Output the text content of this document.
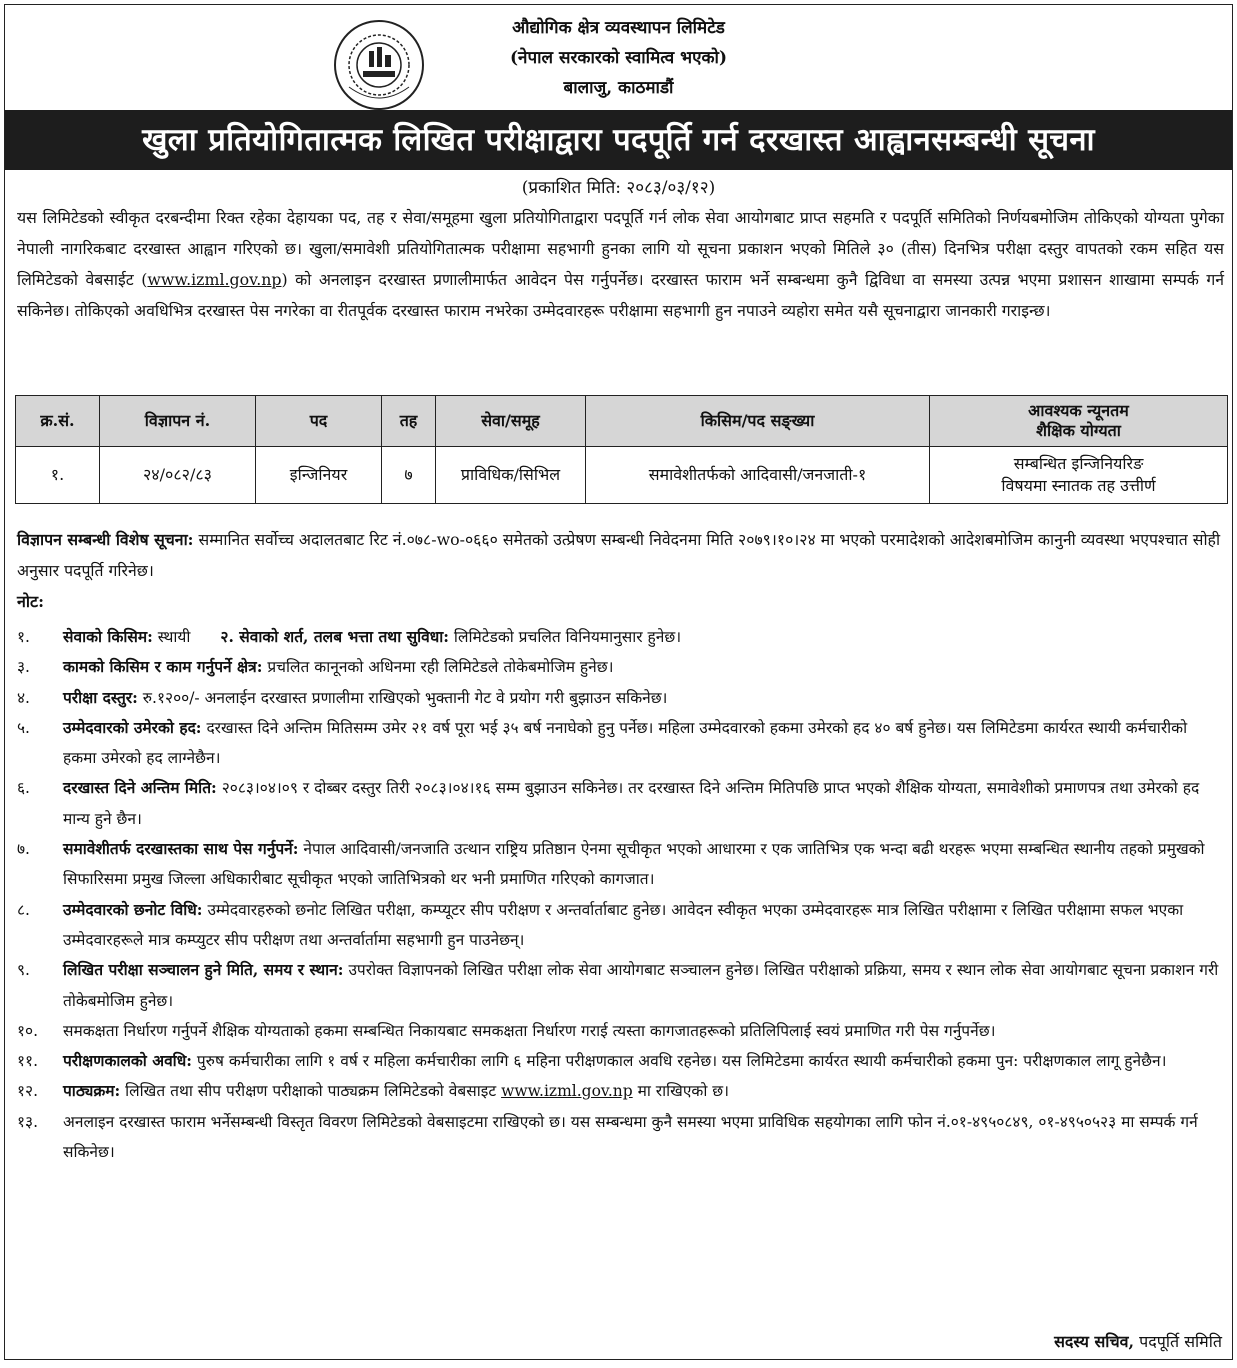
औद्योगिक क्षेत्र व्यवस्थापन लिमिटेड
(नेपाल सरकारको स्वामित्व भएको)
बालाजु, काठमाडौं
खुला प्रतियोगितात्मक लिखित परीक्षाद्वारा पदपूर्ति गर्न दरखास्त आह्वानसम्बन्धी सूचना
(प्रकाशित मिति: २०८३/०३/१२)
यस लिमिटेडको स्वीकृत दरबन्दीमा रिक्त रहेका देहायका पद, तह र सेवा/समूहमा खुला प्रतियोगिताद्वारा पदपूर्ति गर्न लोक सेवा आयोगबाट प्राप्त सहमति र पदपूर्ति समितिको निर्णयबमोजिम तोकिएको योग्यता पुगेका नेपाली नागरिकबाट दरखास्त आह्वान गरिएको छ। खुला/समावेशी प्रतियोगितात्मक परीक्षामा सहभागी हुनका लागि यो सूचना प्रकाशन भएको मितिले ३० (तीस) दिनभित्र परीक्षा दस्तुर वापतको रकम सहित यस लिमिटेडको वेबसाईट (www.izml.gov.np) को अनलाइन दरखास्त प्रणालीमार्फत आवेदन पेस गर्नुपर्नेछ। दरखास्त फाराम भर्ने सम्बन्धमा कुनै द्विविधा वा समस्या उत्पन्न भएमा प्रशासन शाखामा सम्पर्क गर्न सकिनेछ। तोकिएको अवधिभित्र दरखास्त पेस नगरेका वा रीतपूर्वक दरखास्त फाराम नभरेका उम्मेदवारहरू परीक्षामा सहभागी हुन नपाउने व्यहोरा समेत यसै सूचनाद्वारा जानकारी गराइन्छ।
क्र.सं.	विज्ञापन नं.	पद	तह	सेवा/समूह	किसिम/पद सङ्ख्या	आवश्यक न्यूनतम
शैक्षिक योग्यता
१.	२४/०८२/८३	इन्जिनियर	७	प्राविधिक/सिभिल	समावेशीतर्फको आदिवासी/जनजाती-१	सम्बन्धित इन्जिनियरिङ
विषयमा स्नातक तह उत्तीर्ण
विज्ञापन सम्बन्धी विशेष सूचना: सम्मानित सर्वोच्च अदालतबाट रिट नं.०७८-wo-०६६० समेतको उत्प्रेषण सम्बन्धी निवेदनमा मिति २०७९।१०।२४ मा भएको परमादेशको आदेशबमोजिम कानुनी व्यवस्था भएपश्चात सोही अनुसार पदपूर्ति गरिनेछ।
नोट:
१.	सेवाको किसिम: स्थायी २. सेवाको शर्त, तलब भत्ता तथा सुविधा: लिमिटेडको प्रचलित विनियमानुसार हुनेछ।
३.	कामको किसिम र काम गर्नुपर्ने क्षेत्र: प्रचलित कानूनको अधिनमा रही लिमिटेडले तोकेबमोजिम हुनेछ।
४.	परीक्षा दस्तुर: रु.१२००/- अनलाईन दरखास्त प्रणालीमा राखिएको भुक्तानी गेट वे प्रयोग गरी बुझाउन सकिनेछ।
५.	उम्मेदवारको उमेरको हद: दरखास्त दिने अन्तिम मितिसम्म उमेर २१ वर्ष पूरा भई ३५ बर्ष ननाघेको हुनु पर्नेछ। महिला उम्मेदवारको हकमा उमेरको हद ४० बर्ष हुनेछ। यस लिमिटेडमा कार्यरत स्थायी कर्मचारीको हकमा उमेरको हद लाग्नेछैन।
६.	दरखास्त दिने अन्तिम मिति: २०८३।०४।०९ र दोब्बर दस्तुर तिरी २०८३।०४।१६ सम्म बुझाउन सकिनेछ। तर दरखास्त दिने अन्तिम मितिपछि प्राप्त भएको शैक्षिक योग्यता, समावेशीको प्रमाणपत्र तथा उमेरको हद मान्य हुने छैन।
७.	समावेशीतर्फ दरखास्तका साथ पेस गर्नुपर्ने: नेपाल आदिवासी/जनजाति उत्थान राष्ट्रिय प्रतिष्ठान ऐनमा सूचीकृत भएको आधारमा र एक जातिभित्र एक भन्दा बढी थरहरू भएमा सम्बन्धित स्थानीय तहको प्रमुखको सिफारिसमा प्रमुख जिल्ला अधिकारीबाट सूचीकृत भएको जातिभित्रको थर भनी प्रमाणित गरिएको कागजात।
८.	उम्मेदवारको छनोट विधि: उम्मेदवारहरुको छनोट लिखित परीक्षा, कम्प्यूटर सीप परीक्षण र अन्तर्वार्ताबाट हुनेछ। आवेदन स्वीकृत भएका उम्मेदवारहरू मात्र लिखित परीक्षामा र लिखित परीक्षामा सफल भएका उम्मेदवारहरूले मात्र कम्प्युटर सीप परीक्षण तथा अन्तर्वार्तामा सहभागी हुन पाउनेछन्।
९.	लिखित परीक्षा सञ्चालन हुने मिति, समय र स्थान: उपरोक्त विज्ञापनको लिखित परीक्षा लोक सेवा आयोगबाट सञ्चालन हुनेछ। लिखित परीक्षाको प्रक्रिया, समय र स्थान लोक सेवा आयोगबाट सूचना प्रकाशन गरी तोकेबमोजिम हुनेछ।
१०.	समकक्षता निर्धारण गर्नुपर्ने शैक्षिक योग्यताको हकमा सम्बन्धित निकायबाट समकक्षता निर्धारण गराई त्यस्ता कागजातहरूको प्रतिलिपिलाई स्वयं प्रमाणित गरी पेस गर्नुपर्नेछ।
११.	परीक्षणकालको अवधि: पुरुष कर्मचारीका लागि १ वर्ष र महिला कर्मचारीका लागि ६ महिना परीक्षणकाल अवधि रहनेछ। यस लिमिटेडमा कार्यरत स्थायी कर्मचारीको हकमा पुन: परीक्षणकाल लागू हुनेछैन।
१२.	पाठ्यक्रम: लिखित तथा सीप परीक्षण परीक्षाको पाठ्यक्रम लिमिटेडको वेबसाइट www.izml.gov.np मा राखिएको छ।
१३.	अनलाइन दरखास्त फाराम भर्नेसम्बन्धी विस्तृत विवरण लिमिटेडको वेबसाइटमा राखिएको छ। यस सम्बन्धमा कुनै समस्या भएमा प्राविधिक सहयोगका लागि फोन नं.०१-४९५०८४९, ०१-४९५०५२३ मा सम्पर्क गर्न सकिनेछ।
सदस्य सचिव, पदपूर्ति समिति
